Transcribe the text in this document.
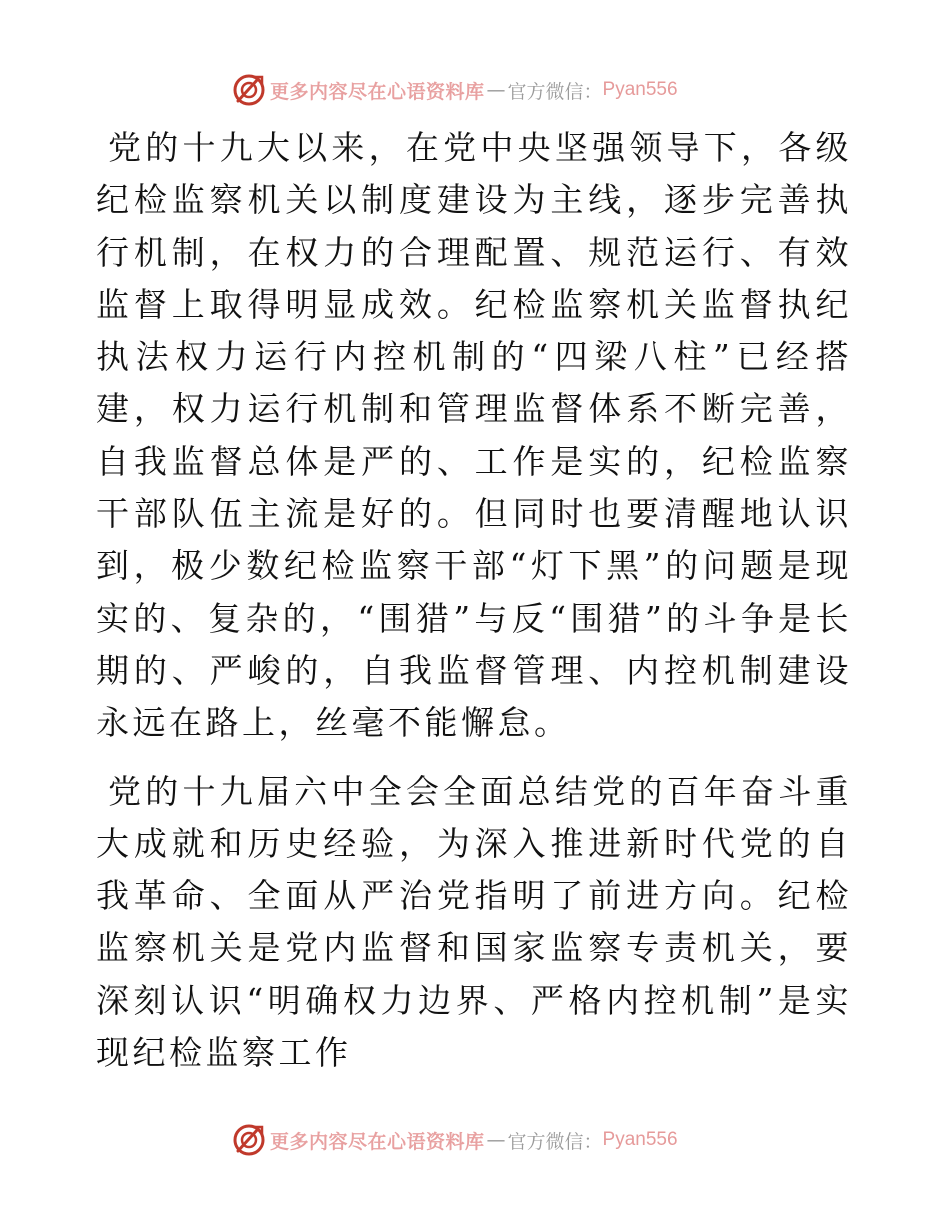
更多内容尽在心语资料库 — 官方微信： Pyan556

党的十九大以来，在党中央坚强领导下，各级纪检监察机关以制度建设为主线，逐步完善执行机制，在权力的合理配置、规范运行、有效监督上取得明显成效。纪检监察机关监督执纪执法权力运行内控机制的“四梁八柱”已经搭建，权力运行机制和管理监督体系不断完善，自我监督总体是严的、工作是实的，纪检监察干部队伍主流是好的。但同时也要清醒地认识到，极少数纪检监察干部“灯下黑”的问题是现实的、复杂的，“围猎”与反“围猎”的斗争是长期的、严峻的，自我监督管理、内控机制建设永远在路上，丝毫不能懈怠。

党的十九届六中全会全面总结党的百年奋斗重大成就和历史经验，为深入推进新时代党的自我革命、全面从严治党指明了前进方向。纪检监察机关是党内监督和国家监察专责机关，要深刻认识“明确权力边界、严格内控机制”是实现纪检监察工作

更多内容尽在心语资料库 — 官方微信： Pyan556
